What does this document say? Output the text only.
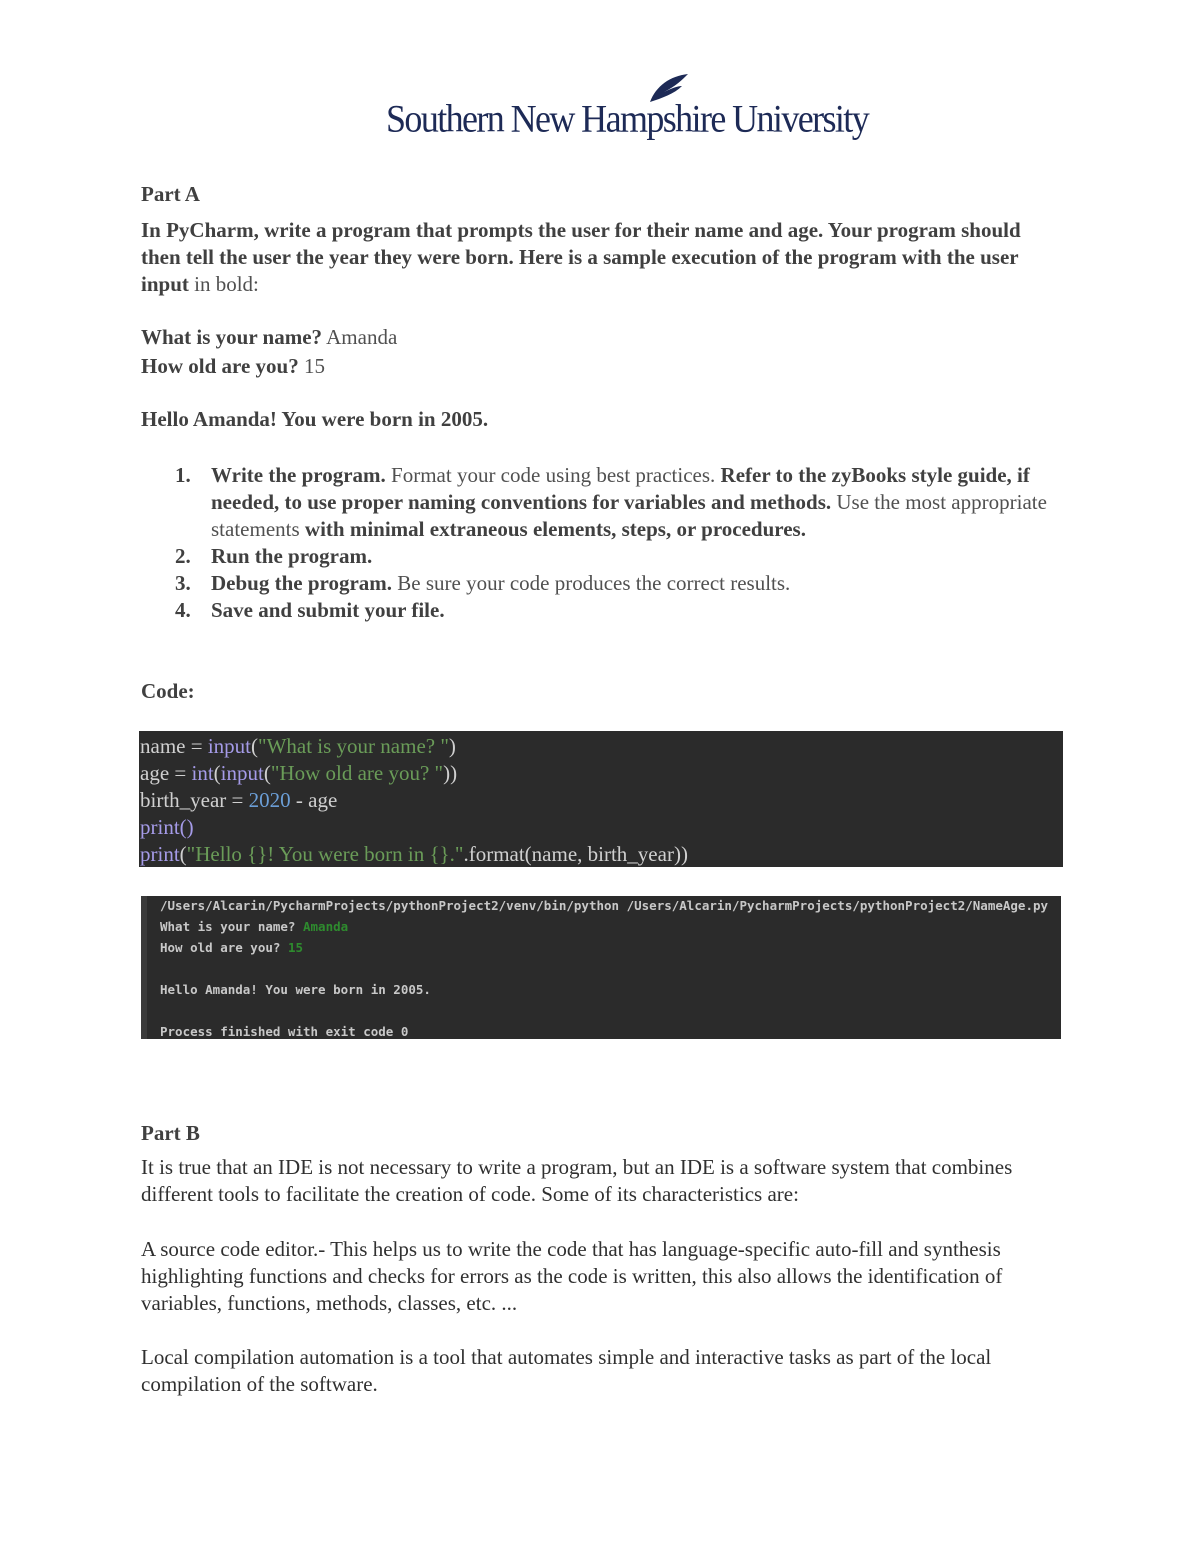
Southern New Hampshire University
Part A
In PyCharm, write a program that prompts the user for their name and age. Your program should then tell the user the year they were born. Here is a sample execution of the program with the user input in bold:
What is your name? Amanda
How old are you? 15
Hello Amanda! You were born in 2005.
1. Write the program. Format your code using best practices. Refer to the zyBooks style guide, if needed, to use proper naming conventions for variables and methods. Use the most appropriate statements with minimal extraneous elements, steps, or procedures.
2. Run the program.
3. Debug the program. Be sure your code produces the correct results.
4. Save and submit your file.
Code:
name = input("What is your name? ")
age = int(input("How old are you? "))
birth_year = 2020 - age
print()
print("Hello {}! You were born in {}.".format(name, birth_year))
/Users/Alcarin/PycharmProjects/pythonProject2/venv/bin/python /Users/Alcarin/PycharmProjects/pythonProject2/NameAge.py
What is your name? Amanda
How old are you? 15
Hello Amanda! You were born in 2005.
Process finished with exit code 0
Part B
It is true that an IDE is not necessary to write a program, but an IDE is a software system that combines different tools to facilitate the creation of code. Some of its characteristics are:
A source code editor.- This helps us to write the code that has language-specific auto-fill and synthesis highlighting functions and checks for errors as the code is written, this also allows the identification of variables, functions, methods, classes, etc. ...
Local compilation automation is a tool that automates simple and interactive tasks as part of the local compilation of the software.
